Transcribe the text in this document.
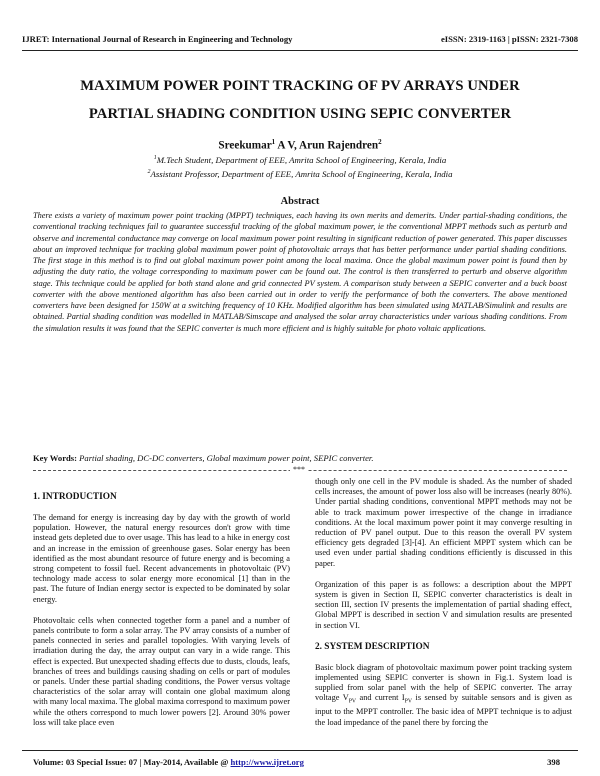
IJRET: International Journal of Research in Engineering and Technology	eISSN: 2319-1163 | pISSN: 2321-7308
MAXIMUM POWER POINT TRACKING OF PV ARRAYS UNDER
PARTIAL SHADING CONDITION USING SEPIC CONVERTER
Sreekumar$^1$ A V, Arun Rajendren$^2$
$^1$M.Tech Student, Department of EEE, Amrita School of Engineering, Kerala, India
$^2$Assistant Professor, Department of EEE, Amrita School of Engineering, Kerala, India
Abstract
There exists a variety of maximum power point tracking (MPPT) techniques, each having its own merits and demerits. Under partial-shading conditions, the conventional tracking techniques fail to guarantee successful tracking of the global maximum power, ie the conventional MPPT methods such as perturb and observe and incremental conductance may converge on local maximum power point resulting in significant reduction of power generated. This paper discusses about an improved technique for tracking global maximum power point of photovoltaic arrays that has better performance under partial shading conditions. The first stage in this method is to find out global maximum power point among the local maxima. Once the global maximum power point is found then by adjusting the duty ratio, the voltage corresponding to maximum power can be found out. The control is then transferred to perturb and observe algorithm stage. This technique could be applied for both stand alone and grid connected PV system. A comparison study between a SEPIC converter and a buck boost converter with the above mentioned algorithm has also been carried out in order to verify the performance of both the converters. The above mentioned converters have been designed for 150W at a switching frequency of 10 KHz. Modified algorithm has been simulated using MATLAB/Simulink and results are obtained. Partial shading condition was modelled in MATLAB/Simscape and analysed the solar array characteristics under various shading conditions. From the simulation results it was found that the SEPIC converter is much more efficient and is highly suitable for photo voltaic applications.
Key Words: Partial shading, DC-DC converters, Global maximum power point, SEPIC converter.
***
1. INTRODUCTION

The demand for energy is increasing day by day with the growth of world population. However, the natural energy resources don't grow with time instead gets depleted due to over usage. This has lead to a hike in energy cost and an increase in the emission of greenhouse gases. Solar energy has been identified as the most abundant resource of future energy and is becoming a strong competent to fossil fuel. Recent advancements in photovoltaic (PV) technology made access to solar energy more economical [1] than in the past. The future of Indian energy sector is expected to be dominated by solar energy.

Photovoltaic cells when connected together form a panel and a number of panels contribute to form a solar array. The PV array consists of a number of panels connected in series and parallel topologies. With varying levels of irradiation during the day, the array output can vary in a wide range. This effect is expected. But unexpected shading effects due to dusts, clouds, leafs, branches of trees and buildings causing shading on cells or part of modules or panels. Under these partial shading conditions, the Power versus voltage characteristics of the solar array will contain one global maximum along with many local maxima. The global maxima correspond to maximum power while the others correspond to much lower powers [2]. Around 30% power loss will take place even

though only one cell in the PV module is shaded. As the number of shaded cells increases, the amount of power loss also will be increases (nearly 80%). Under partial shading conditions, conventional MPPT methods may not be able to track maximum power irrespective of the change in irradiance conditions. At the local maximum power point it may converge resulting in reduction of PV panel output. Due to this reason the overall PV system efficiency gets degraded [3]-[4]. An efficient MPPT system which can be used even under partial shading conditions efficiently is discussed in this paper.

Organization of this paper is as follows: a description about the MPPT system is given in Section II, SEPIC converter characteristics is dealt in section III, section IV presents the implementation of partial shading effect, Global MPPT is described in section V and simulation results are presented in section VI.

2. SYSTEM DESCRIPTION

Basic block diagram of photovoltaic maximum power point tracking system implemented using SEPIC converter is shown in Fig.1. System load is supplied from solar panel with the help of SEPIC converter. The array voltage $V_{PV}$ and current $I_{PV}$ is sensed by suitable sensors and is given as input to the MPPT controller. The basic idea of MPPT technique is to adjust the load impedance of the panel there by forcing the

Volume: 03 Special Issue: 07 | May-2014, Available @ http://www.ijret.org	398
